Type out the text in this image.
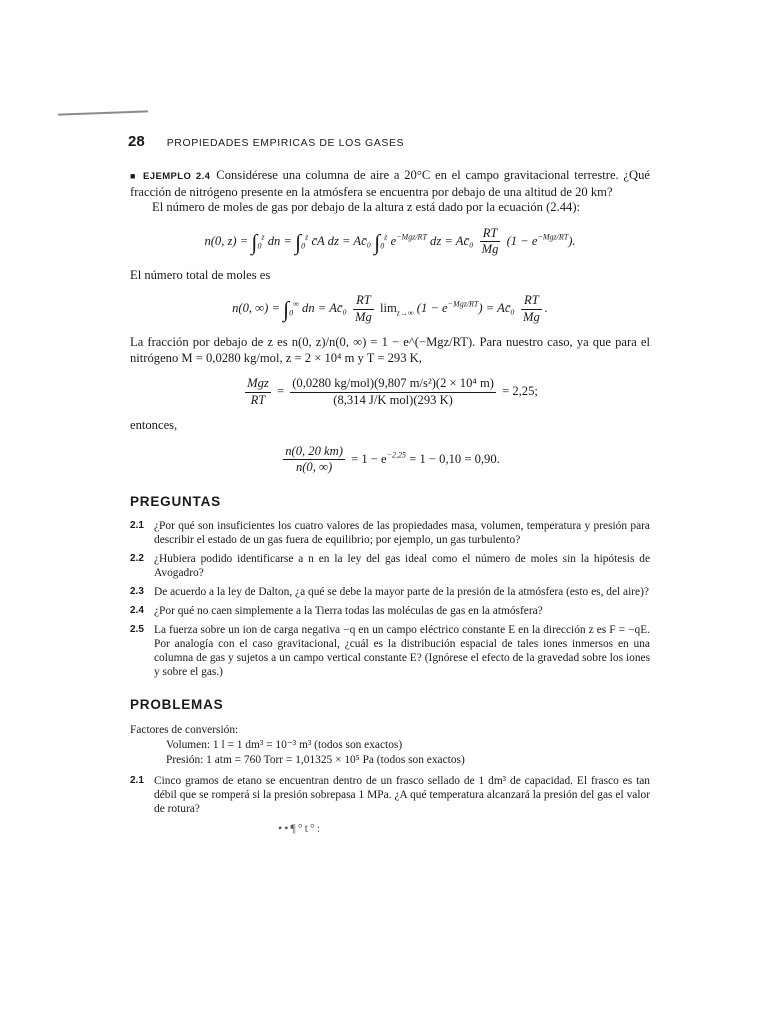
28 PROPIEDADES EMPIRICAS DE LOS GASES

■ EJEMPLO 2.4 Considérese una columna de aire a 20°C en el campo gravitacional terrestre. ¿Qué fracción de nitrógeno presente en la atmósfera se encuentra por debajo de una altitud de 20 km?

El número de moles de gas por debajo de la altura z está dado por la ecuación (2.44):

n(0, $z) = \int_0^z$ dn = $\int_0^z$ c̄A dz = Ac̄₀ $\int_0^z$ $e^{-Mgz/RT}$ dz = Ac̄₀ $\frac{RT}{Mg} (1 - e^{-Mgz/RT})$.

El número total de moles es

n(0, ∞) = $\int_0^\infty$ dn = Ac̄₀ $\frac{RT}{Mg} \lim_{z\to\infty} (1 - e^{-Mgz/RT})$ = Ac̄₀ $\frac{RT}{Mg}$ .

La fracción por debajo de z es n(0, z)/n(0, ∞) = 1 − e^(−Mgz/RT). Para nuestro caso, ya que para el nitrógeno M = 0,0280 kg/mol, z = 2 × 10⁴ m y T = 293 K,

$\frac{\text{Mgz}}{RT} = \frac{\text{(0,0280 kg/mol)(9,807 m/s²)(2 × 10⁴ m)}}{\text{(8,314 J/K mol)(293 K)}} = 2,25$;

entonces,

$\frac{n(0, 20 km)}{n(0, \infty)} = 1 - e^{-2,25} = 1 - 0,10 = 0,90$.
PREGUNTAS
2.1 ¿Por qué son insuficientes los cuatro valores de las propiedades masa, volumen, temperatura y presión para describir el estado de un gas fuera de equilibrio; por ejemplo, un gas turbulento?
2.2 ¿Hubiera podido identificarse a n en la ley del gas ideal como el número de moles sin la hipótesis de Avogadro?
2.3 De acuerdo a la ley de Dalton, ¿a qué se debe la mayor parte de la presión de la atmósfera (esto es, del aire)?
2.4 ¿Por qué no caen simplemente a la Tierra todas las moléculas de gas en la atmósfera?
2.5 La fuerza sobre un ion de carga negativa −q en un campo eléctrico constante E en la dirección z es F = −qE. Por analogía con el caso gravitacional, ¿cuál es la distribución espacial de tales iones inmersos en una columna de gas y sujetos a un campo vertical constante E? (Ignórese el efecto de la gravedad sobre los iones y sobre el gas.)
PROBLEMAS
Factores de conversión:
Volumen: 1 l = 1 dm³ = 10⁻³ m³ (todos son exactos)
Presión: 1 atm = 760 Torr = 1,01325 × 10⁵ Pa (todos son exactos)
2.1 Cinco gramos de etano se encuentran dentro de un frasco sellado de 1 dm³ de capacidad. El frasco es tan débil que se romperá si la presión sobrepasa 1 MPa. ¿A qué temperatura alcanzará la presión del gas el valor de rotura?
••¶°t°:
